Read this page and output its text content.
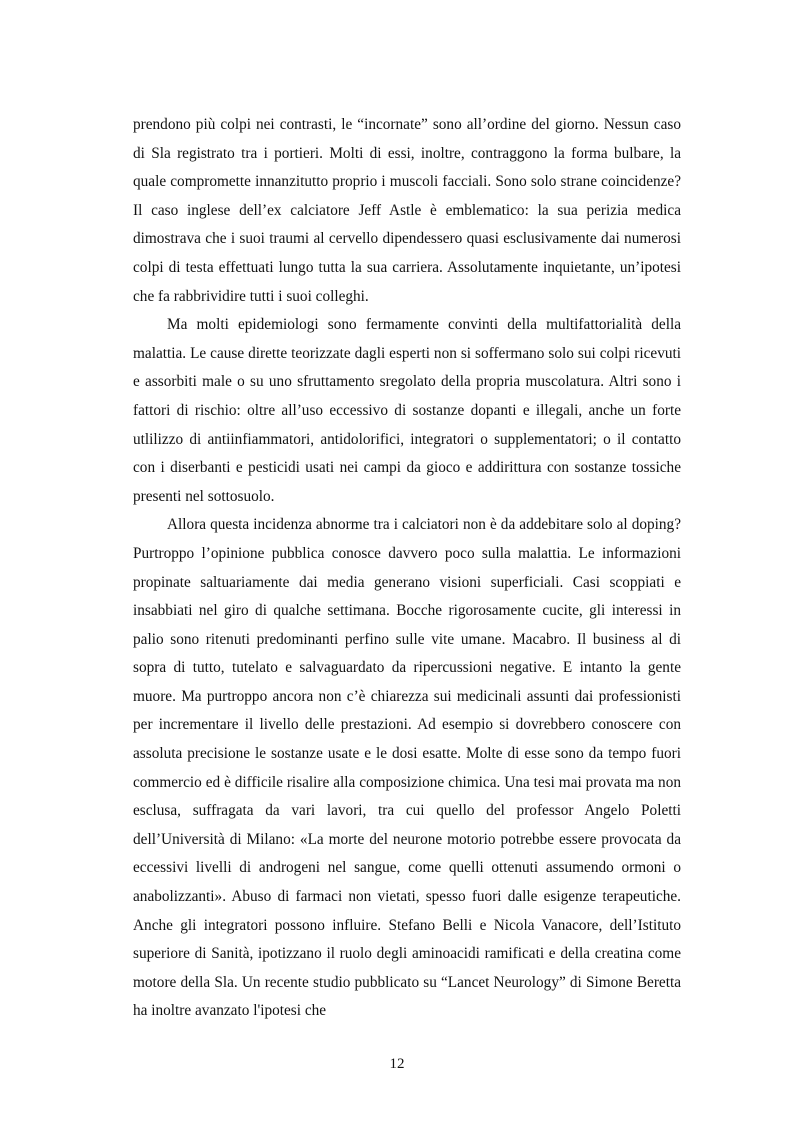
prendono più colpi nei contrasti, le “incornate” sono all’ordine del giorno. Nessun caso di Sla registrato tra i portieri. Molti di essi, inoltre, contraggono la forma bulbare, la quale compromette innanzitutto proprio i muscoli facciali. Sono solo strane coincidenze? Il caso inglese dell’ex calciatore Jeff Astle è emblematico: la sua perizia medica dimostrava che i suoi traumi al cervello dipendessero quasi esclusivamente dai numerosi colpi di testa effettuati lungo tutta la sua carriera. Assolutamente inquietante, un’ipotesi che fa rabbrividire tutti i suoi colleghi.

Ma molti epidemiologi sono fermamente convinti della multifattorialità della malattia. Le cause dirette teorizzate dagli esperti non si soffermano solo sui colpi ricevuti e assorbiti male o su uno sfruttamento sregolato della propria muscolatura. Altri sono i fattori di rischio: oltre all’uso eccessivo di sostanze dopanti e illegali, anche un forte utlilizzo di antiinfiammatori, antidolorifici, integratori o supplementatori; o il contatto con i diserbanti e pesticidi usati nei campi da gioco e addirittura con sostanze tossiche presenti nel sottosuolo.

Allora questa incidenza abnorme tra i calciatori non è da addebitare solo al doping? Purtroppo l’opinione pubblica conosce davvero poco sulla malattia. Le informazioni propinate saltuariamente dai media generano visioni superficiali. Casi scoppiati e insabbiati nel giro di qualche settimana. Bocche rigorosamente cucite, gli interessi in palio sono ritenuti predominanti perfino sulle vite umane. Macabro. Il business al di sopra di tutto, tutelato e salvaguardato da ripercussioni negative. E intanto la gente muore. Ma purtroppo ancora non c’è chiarezza sui medicinali assunti dai professionisti per incrementare il livello delle prestazioni. Ad esempio si dovrebbero conoscere con assoluta precisione le sostanze usate e le dosi esatte. Molte di esse sono da tempo fuori commercio ed è difficile risalire alla composizione chimica. Una tesi mai provata ma non esclusa, suffragata da vari lavori, tra cui quello del professor Angelo Poletti dell’Università di Milano: «La morte del neurone motorio potrebbe essere provocata da eccessivi livelli di androgeni nel sangue, come quelli ottenuti assumendo ormoni o anabolizzanti». Abuso di farmaci non vietati, spesso fuori dalle esigenze terapeutiche. Anche gli integratori possono influire. Stefano Belli e Nicola Vanacore, dell’Istituto superiore di Sanità, ipotizzano il ruolo degli aminoacidi ramificati e della creatina come motore della Sla. Un recente studio pubblicato su “Lancet Neurology” di Simone Beretta ha inoltre avanzato l'ipotesi che

12
